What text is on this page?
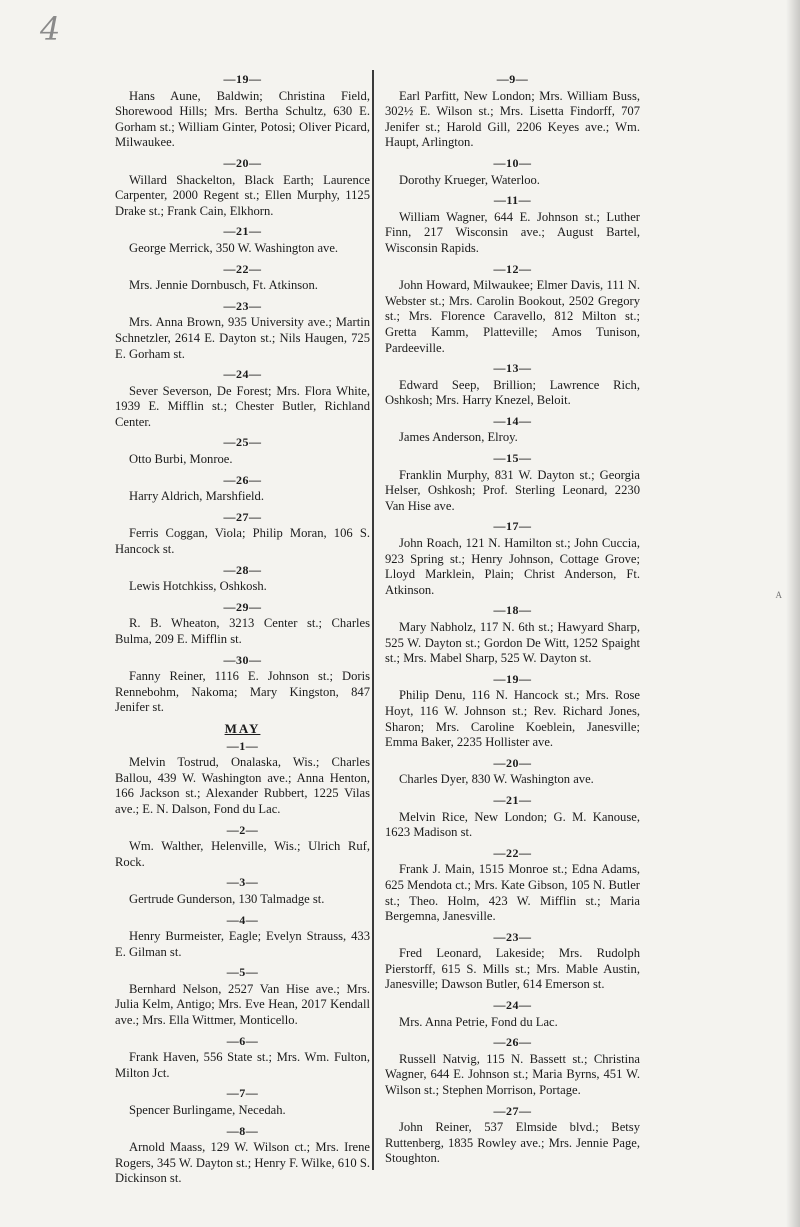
4
A
—19—
Hans Aune, Baldwin; Christina Field, Shorewood Hills; Mrs. Bertha Schultz, 630 E. Gorham st.; William Ginter, Potosi; Oliver Picard, Milwaukee.
—20—
Willard Shackelton, Black Earth; Laurence Carpenter, 2000 Regent st.; Ellen Murphy, 1125 Drake st.; Frank Cain, Elkhorn.
—21—
George Merrick, 350 W. Washington ave.
—22—
Mrs. Jennie Dornbusch, Ft. Atkinson.
—23—
Mrs. Anna Brown, 935 University ave.; Martin Schnetzler, 2614 E. Dayton st.; Nils Haugen, 725 E. Gorham st.
—24—
Sever Severson, De Forest; Mrs. Flora White, 1939 E. Mifflin st.; Chester Butler, Richland Center.
—25—
Otto Burbi, Monroe.
—26—
Harry Aldrich, Marshfield.
—27—
Ferris Coggan, Viola; Philip Moran, 106 S. Hancock st.
—28—
Lewis Hotchkiss, Oshkosh.
—29—
R. B. Wheaton, 3213 Center st.; Charles Bulma, 209 E. Mifflin st.
—30—
Fanny Reiner, 1116 E. Johnson st.; Doris Rennebohm, Nakoma; Mary Kingston, 847 Jenifer st.
MAY
—1—
Melvin Tostrud, Onalaska, Wis.; Charles Ballou, 439 W. Washington ave.; Anna Henton, 166 Jackson st.; Alexander Rubbert, 1225 Vilas ave.; E. N. Dalson, Fond du Lac.
—2—
Wm. Walther, Helenville, Wis.; Ulrich Ruf, Rock.
—3—
Gertrude Gunderson, 130 Talmadge st.
—4—
Henry Burmeister, Eagle; Evelyn Strauss, 433 E. Gilman st.
—5—
Bernhard Nelson, 2527 Van Hise ave.; Mrs. Julia Kelm, Antigo; Mrs. Eve Hean, 2017 Kendall ave.; Mrs. Ella Wittmer, Monticello.
—6—
Frank Haven, 556 State st.; Mrs. Wm. Fulton, Milton Jct.
—7—
Spencer Burlingame, Necedah.
—8—
Arnold Maass, 129 W. Wilson ct.; Mrs. Irene Rogers, 345 W. Dayton st.; Henry F. Wilke, 610 S. Dickinson st.
—9—
Earl Parfitt, New London; Mrs. William Buss, 302½ E. Wilson st.; Mrs. Lisetta Findorff, 707 Jenifer st.; Harold Gill, 2206 Keyes ave.; Wm. Haupt, Arlington.
—10—
Dorothy Krueger, Waterloo.
—11—
William Wagner, 644 E. Johnson st.; Luther Finn, 217 Wisconsin ave.; August Bartel, Wisconsin Rapids.
—12—
John Howard, Milwaukee; Elmer Davis, 111 N. Webster st.; Mrs. Carolin Bookout, 2502 Gregory st.; Mrs. Florence Caravello, 812 Milton st.; Gretta Kamm, Platteville; Amos Tunison, Pardeeville.
—13—
Edward Seep, Brillion; Lawrence Rich, Oshkosh; Mrs. Harry Knezel, Beloit.
—14—
James Anderson, Elroy.
—15—
Franklin Murphy, 831 W. Dayton st.; Georgia Helser, Oshkosh; Prof. Sterling Leonard, 2230 Van Hise ave.
—17—
John Roach, 121 N. Hamilton st.; John Cuccia, 923 Spring st.; Henry Johnson, Cottage Grove; Lloyd Marklein, Plain; Christ Anderson, Ft. Atkinson.
—18—
Mary Nabholz, 117 N. 6th st.; Hawyard Sharp, 525 W. Dayton st.; Gordon De Witt, 1252 Spaight st.; Mrs. Mabel Sharp, 525 W. Dayton st.
—19—
Philip Denu, 116 N. Hancock st.; Mrs. Rose Hoyt, 116 W. Johnson st.; Rev. Richard Jones, Sharon; Mrs. Caroline Koeblein, Janesville; Emma Baker, 2235 Hollister ave.
—20—
Charles Dyer, 830 W. Washington ave.
—21—
Melvin Rice, New London; G. M. Kanouse, 1623 Madison st.
—22—
Frank J. Main, 1515 Monroe st.; Edna Adams, 625 Mendota ct.; Mrs. Kate Gibson, 105 N. Butler st.; Theo. Holm, 423 W. Mifflin st.; Maria Bergemna, Janesville.
—23—
Fred Leonard, Lakeside; Mrs. Rudolph Pierstorff, 615 S. Mills st.; Mrs. Mable Austin, Janesville; Dawson Butler, 614 Emerson st.
—24—
Mrs. Anna Petrie, Fond du Lac.
—26—
Russell Natvig, 115 N. Bassett st.; Christina Wagner, 644 E. Johnson st.; Maria Byrns, 451 W. Wilson st.; Stephen Morrison, Portage.
—27—
John Reiner, 537 Elmside blvd.; Betsy Ruttenberg, 1835 Rowley ave.; Mrs. Jennie Page, Stoughton.
